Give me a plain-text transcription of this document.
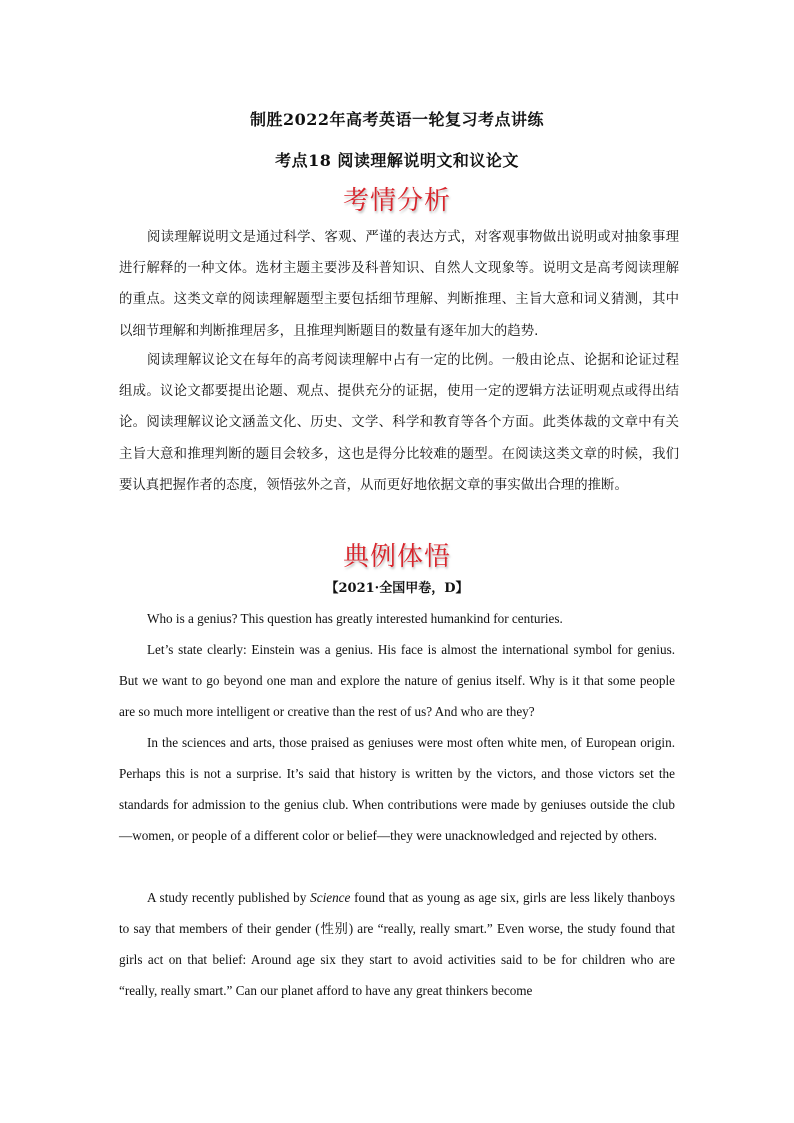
制胜2022年高考英语一轮复习考点讲练
考点18 阅读理解说明文和议论文
考情分析

阅读理解说明文是通过科学、客观、严谨的表达方式，对客观事物做出说明或对抽象事理进行解释的一种文体。选材主题主要涉及科普知识、自然人文现象等。说明文是高考阅读理解的重点。这类文章的阅读理解题型主要包括细节理解、判断推理、主旨大意和词义猜测，其中以细节理解和判断推理居多，且推理判断题目的数量有逐年加大的趋势.

阅读理解议论文在每年的高考阅读理解中占有一定的比例。一般由论点、论据和论证过程组成。议论文都要提出论题、观点、提供充分的证据，使用一定的逻辑方法证明观点或得出结论。阅读理解议论文涵盖文化、历史、文学、科学和教育等各个方面。此类体裁的文章中有关主旨大意和推理判断的题目会较多，这也是得分比较难的题型。在阅读这类文章的时候，我们要认真把握作者的态度，领悟弦外之音，从而更好地依据文章的事实做出合理的推断。

典例体悟
【2021·全国甲卷，D】

Who is a genius? This question has greatly interested humankind for centuries.

Let’s state clearly: Einstein was a genius. His face is almost the international symbol for genius. But we want to go beyond one man and explore the nature of genius itself. Why is it that some people are so much more intelligent or creative than the rest of us? And who are they?

In the sciences and arts, those praised as geniuses were most often white men, of European origin. Perhaps this is not a surprise. It’s said that history is written by the victors, and those victors set the standards for admission to the genius club. When contributions were made by geniuses outside the club—women, or people of a different color or belief—they were unacknowledged and rejected by others.

A study recently published by Science found that as young as age six, girls are less likely thanboys to say that members of their gender (性别) are “really, really smart.” Even worse, the study found that girls act on that belief: Around age six they start to avoid activities said to be for children who are “really, really smart.” Can our planet afford to have any great thinkers become
